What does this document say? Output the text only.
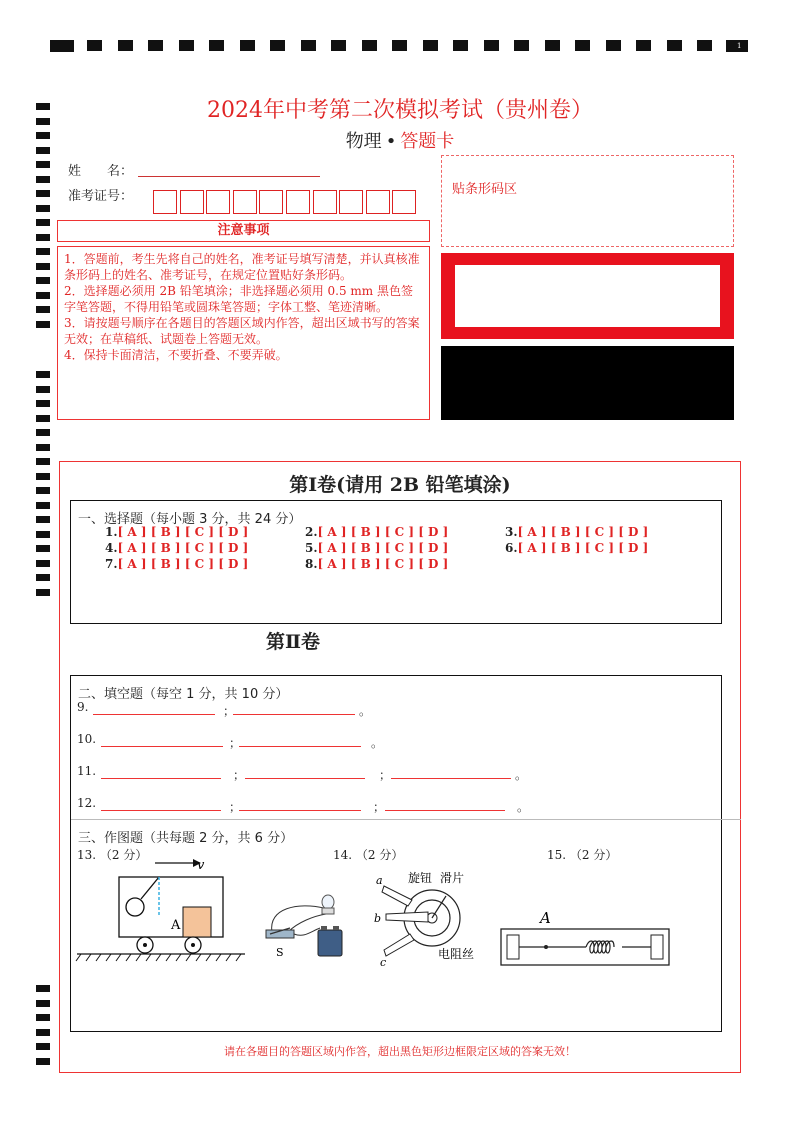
1
2024年中考第二次模拟考试（贵州卷）
物理 • 答题卡
姓　　名：
准考证号：
注意事项
1．答题前，考生先将自己的姓名，准考证号填写清楚，并认真核准条形码上的姓名、准考证号，在规定位置贴好条形码。
2．选择题必须用 2B 铅笔填涂；非选择题必须用 0.5 mm 黑色签字笔答题，不得用铅笔或圆珠笔答题；字体工整、笔迹清晰。
3．请按题号顺序在各题目的答题区域内作答，超出区域书写的答案无效；在草稿纸、试题卷上答题无效。
4．保持卡面清洁，不要折叠、不要弄破。
贴条形码区
第Ⅰ卷(请用 2B 铅笔填涂)
一、选择题（每小题 3 分，共 24 分）
1.[ A ] [ B ] [ C ] [ D ]	2.[ A ] [ B ] [ C ] [ D ]	3.[ A ] [ B ] [ C ] [ D ]
4.[ A ] [ B ] [ C ] [ D ]	5.[ A ] [ B ] [ C ] [ D ]	6.[ A ] [ B ] [ C ] [ D ]
7.[ A ] [ B ] [ C ] [ D ]	8.[ A ] [ B ] [ C ] [ D ]
第Ⅱ卷
二、填空题（每空 1 分，共 10 分）
9.	；	。
10.	；	。
11.	；	；	。
12.	；	；	。
三、作图题（共每题 2 分，共 6 分）
13. （2 分）	14. （2 分）	15. （2 分）
v
A
S
a 旋钮 滑片
b
c
电阻丝
A
请在各题目的答题区域内作答，超出黑色矩形边框限定区域的答案无效！
